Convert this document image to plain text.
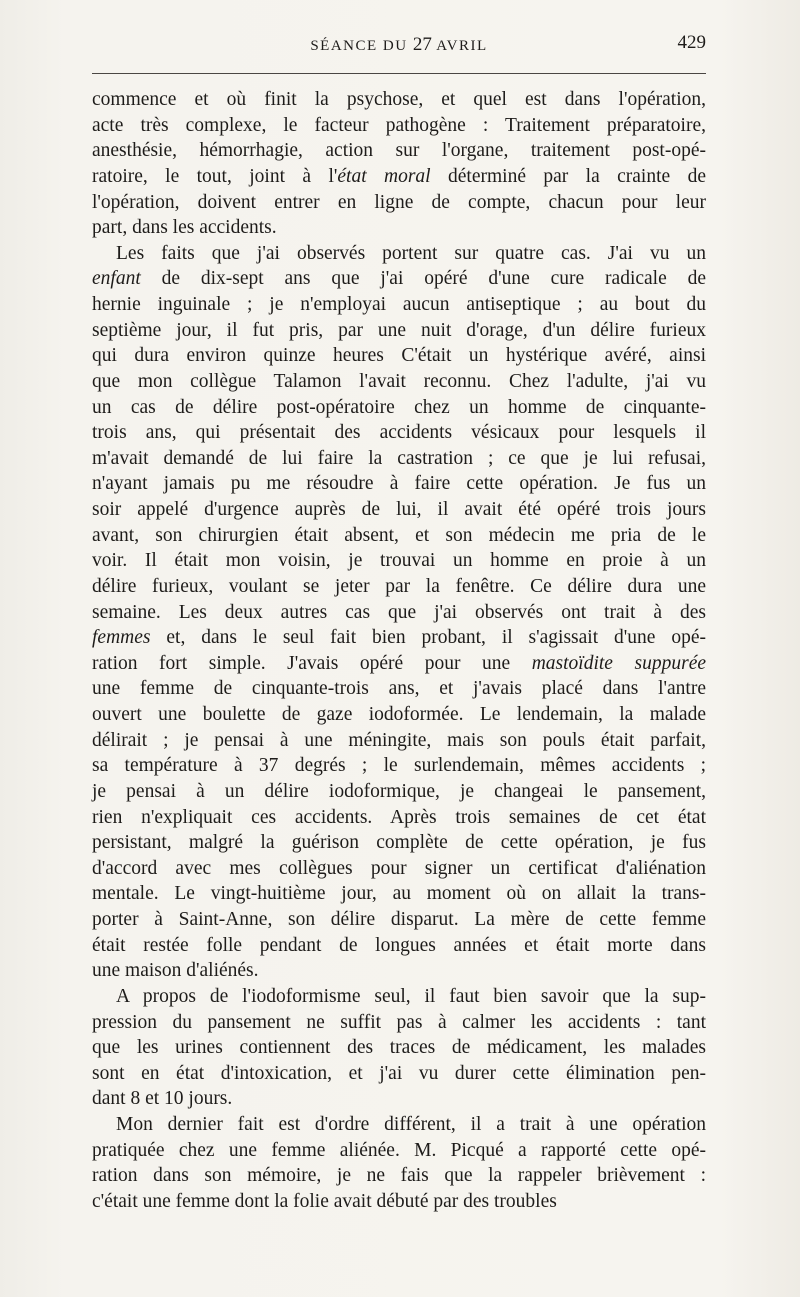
SÉANCE DU 27 AVRIL	429
commence et où finit la psychose, et quel est dans l'opération,
acte très complexe, le facteur pathogène : Traitement préparatoire,
anesthésie, hémorrhagie, action sur l'organe, traitement post-opé-
ratoire, le tout, joint à l'état moral déterminé par la crainte de
l'opération, doivent entrer en ligne de compte, chacun pour leur
part, dans les accidents.
Les faits que j'ai observés portent sur quatre cas. J'ai vu un
enfant de dix-sept ans que j'ai opéré d'une cure radicale de
hernie inguinale ; je n'employai aucun antiseptique ; au bout du
septième jour, il fut pris, par une nuit d'orage, d'un délire furieux
qui dura environ quinze heures C'était un hystérique avéré, ainsi
que mon collègue Talamon l'avait reconnu. Chez l'adulte, j'ai vu
un cas de délire post-opératoire chez un homme de cinquante-
trois ans, qui présentait des accidents vésicaux pour lesquels il
m'avait demandé de lui faire la castration ; ce que je lui refusai,
n'ayant jamais pu me résoudre à faire cette opération. Je fus un
soir appelé d'urgence auprès de lui, il avait été opéré trois jours
avant, son chirurgien était absent, et son médecin me pria de le
voir. Il était mon voisin, je trouvai un homme en proie à un
délire furieux, voulant se jeter par la fenêtre. Ce délire dura une
semaine. Les deux autres cas que j'ai observés ont trait à des
femmes et, dans le seul fait bien probant, il s'agissait d'une opé-
ration fort simple. J'avais opéré pour une mastoïdite suppurée
une femme de cinquante-trois ans, et j'avais placé dans l'antre
ouvert une boulette de gaze iodoformée. Le lendemain, la malade
délirait ; je pensai à une méningite, mais son pouls était parfait,
sa température à 37 degrés ; le surlendemain, mêmes accidents ;
je pensai à un délire iodoformique, je changeai le pansement,
rien n'expliquait ces accidents. Après trois semaines de cet état
persistant, malgré la guérison complète de cette opération, je fus
d'accord avec mes collègues pour signer un certificat d'aliénation
mentale. Le vingt-huitième jour, au moment où on allait la trans-
porter à Saint-Anne, son délire disparut. La mère de cette femme
était restée folle pendant de longues années et était morte dans
une maison d'aliénés.
A propos de l'iodoformisme seul, il faut bien savoir que la sup-
pression du pansement ne suffit pas à calmer les accidents : tant
que les urines contiennent des traces de médicament, les malades
sont en état d'intoxication, et j'ai vu durer cette élimination pen-
dant 8 et 10 jours.
Mon dernier fait est d'ordre différent, il a trait à une opération
pratiquée chez une femme aliénée. M. Picqué a rapporté cette opé-
ration dans son mémoire, je ne fais que la rappeler brièvement :
c'était une femme dont la folie avait débuté par des troubles
